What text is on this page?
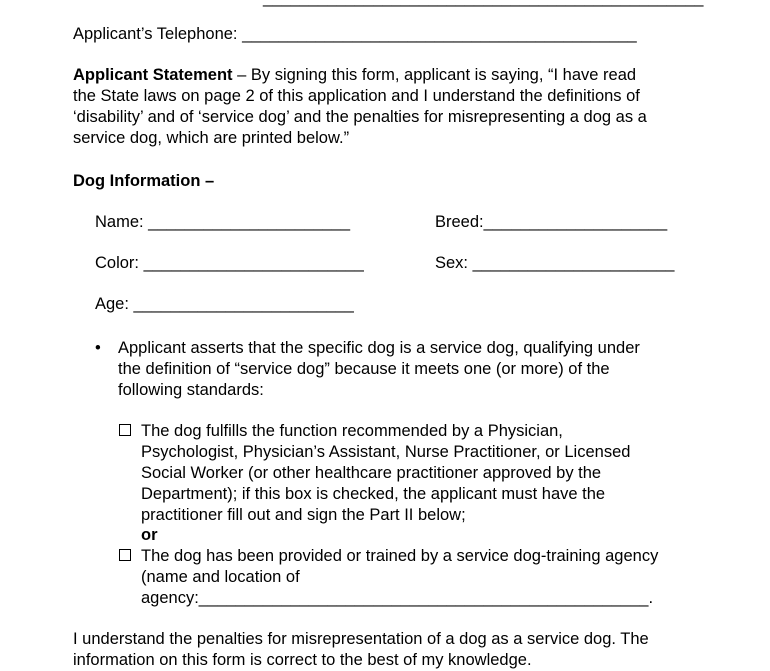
Applicant’s Telephone: ___________________________________________
Applicant Statement – By signing this form, applicant is saying, “I have read
the State laws on page 2 of this application and I understand the definitions of
‘disability’ and of ‘service dog’ and the penalties for misrepresenting a dog as a
service dog, which are printed below.”
Dog Information –
Name: ______________________	Breed:____________________
Color: ________________________	Sex: ______________________
Age: ________________________
• Applicant asserts that the specific dog is a service dog, qualifying under
the definition of “service dog” because it meets one (or more) of the
following standards:
The dog fulfills the function recommended by a Physician,
Psychologist, Physician’s Assistant, Nurse Practitioner, or Licensed
Social Worker (or other healthcare practitioner approved by the
Department); if this box is checked, the applicant must have the
practitioner fill out and sign the Part II below;
or
The dog has been provided or trained by a service dog-training agency
(name and location of
agency:_________________________________________________.
I understand the penalties for misrepresentation of a dog as a service dog. The
information on this form is correct to the best of my knowledge.
